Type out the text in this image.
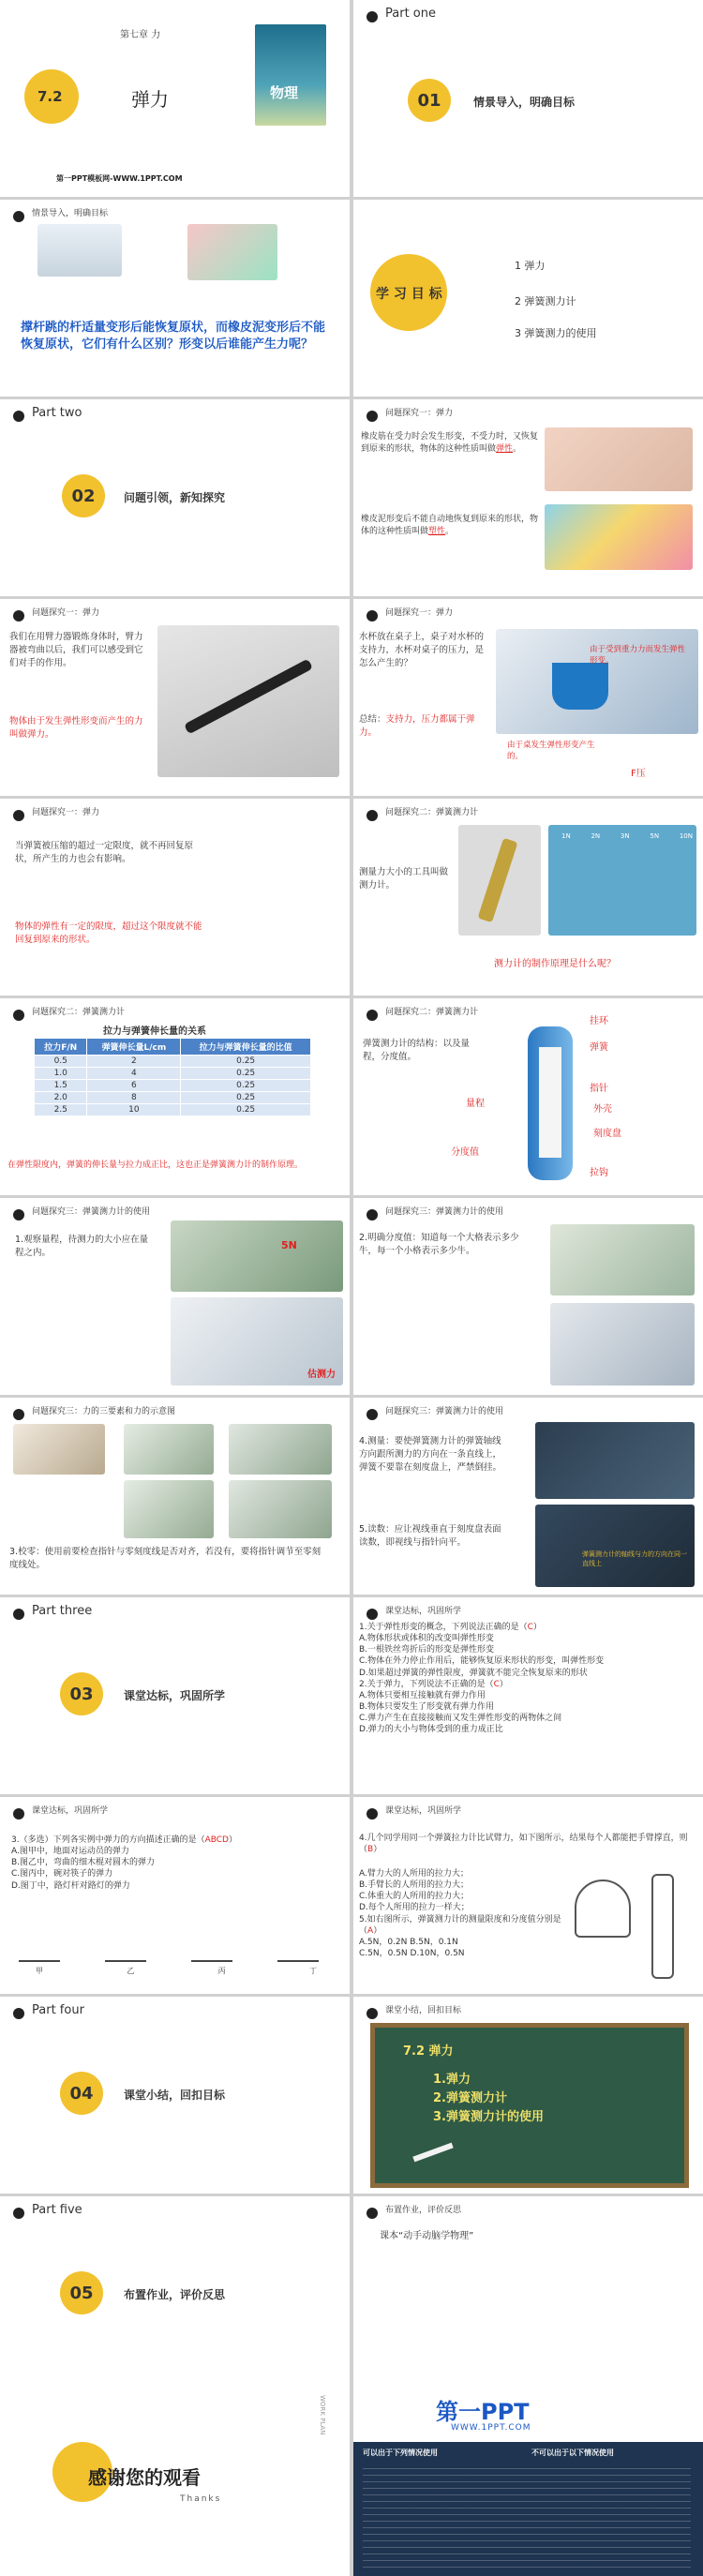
第七章 力
7.2	弹力	物理
第一PPT模板网-WWW.1PPT.COM
Part one
01	情景导入，明确目标
情景导入，明确目标
撑杆跳的杆适量变形后能恢复原状，而橡皮泥变形后不能恢复原状，它们有什么区别？形变以后谁能产生力呢？
学 习 目 标
1 弹力
2 弹簧测力计
3 弹簧测力的使用
Part two
02	问题引领，新知探究
问题探究一：弹力
橡皮筋在受力时会发生形变，不受力时，又恢复到原来的形状，物体的这种性质叫做弹性。
橡皮泥形变后不能自动地恢复到原来的形状，物体的这种性质叫做塑性。
问题探究一：弹力
我们在用臂力器锻炼身体时，臂力器被弯曲以后，我们可以感受到它们对手的作用。
物体由于发生弹性形变而产生的力叫做弹力。
问题探究一：弹力
水杯放在桌子上，桌子对水杯的支持力，水杯对桌子的压力，是怎么产生的？
总结：支持力，压力都属于弹力。
由于受到重力力而发生弹性形变。
由于桌发生弹性形变产生的。
F压
问题探究一：弹力
当弹簧被压缩的超过一定限度，就不再回复原状，所产生的力也会有影响。
物体的弹性有一定的限度，超过这个限度就不能回复到原来的形状。
问题探究二：弹簧测力计
测量力大小的工具叫做测力计。
1N	2N	3N	5N	10N
测力计的制作原理是什么呢？
问题探究二：弹簧测力计
拉力与弹簧伸长量的关系
拉力F/N	弹簧伸长量L/cm	拉力与弹簧伸长量的比值
0.5	2	0.25
1.0	4	0.25
1.5	6	0.25
2.0	8	0.25
2.5	10	0.25
在弹性限度内，弹簧的伸长量与拉力成正比，这也正是弹簧测力计的制作原理。
问题探究二：弹簧测力计
弹簧测力计的结构：以及量程，分度值。
挂环
弹簧
指针
外壳
刻度盘
拉钩
量程
分度值
问题探究三：弹簧测力计的使用
1.观察量程，待测力的大小应在量程之内。
5N
估测力
问题探究三：弹簧测力计的使用
2.明确分度值：知道每一个大格表示多少牛，每一个小格表示多少牛。
问题探究三：力的三要素和力的示意图
3.校零：使用前要检查指针与零刻度线是否对齐，若没有，要将指针调节至零刻度线处。
问题探究三：弹簧测力计的使用
4.测量：要使弹簧测力计的弹簧轴线方向跟所测力的方向在一条直线上，弹簧不要靠在刻度盘上，严禁倒挂。
5.读数：应让视线垂直于刻度盘表面读数，即视线与指针向平。
弹簧测力计的轴线与力的方向在同一直线上
Part three
03	课堂达标，巩固所学
课堂达标，巩固所学
1.关于弹性形变的概念，下列说法正确的是（C）
A.物体形状或体积的改变叫弹性形变
B.一根铁丝弯折后的形变是弹性形变
C.物体在外力停止作用后，能够恢复原来形状的形变，叫弹性形变
D.如果超过弹簧的弹性限度，弹簧就不能完全恢复原来的形状
2.关于弹力，下列说法不正确的是（C）
A.物体只要相互接触就有弹力作用
B.物体只要发生了形变就有弹力作用
C.弹力产生在直接接触而又发生弹性形变的两物体之间
D.弹力的大小与物体受到的重力成正比
课堂达标，巩固所学
3.（多选）下列各实例中弹力的方向描述正确的是（ABCD）
A.图甲中，地面对运动员的弹力
B.图乙中，弯曲的细木棍对圆木的弹力
C.图丙中，碗对筷子的弹力
D.图丁中，路灯杆对路灯的弹力
甲	乙	丙	丁
课堂达标，巩固所学
4.几个同学用同一个弹簧拉力计比试臂力，如下图所示，结果每个人都能把手臂撑直，则（B）
A.臂力大的人所用的拉力大；
B.手臂长的人所用的拉力大；
C.体重大的人所用的拉力大；
D.每个人所用的拉力一样大；
5.如右图所示，弹簧测力计的测量限度和分度值分别是（A）
A.5N，0.2N B.5N，0.1N
C.5N，0.5N D.10N，0.5N
Part four
04	课堂小结，回扣目标
课堂小结，回扣目标
7.2 弹力
1.弹力
2.弹簧测力计
3.弹簧测力计的使用
Part five
05	布置作业，评价反思
布置作业，评价反思
课本“动手动脑学物理”
感谢您的观看
Thanks
WORK PLAN	第一PPT
WWW.1PPT.COM
可以出于下列情况使用	不可以出于以下情况使用
